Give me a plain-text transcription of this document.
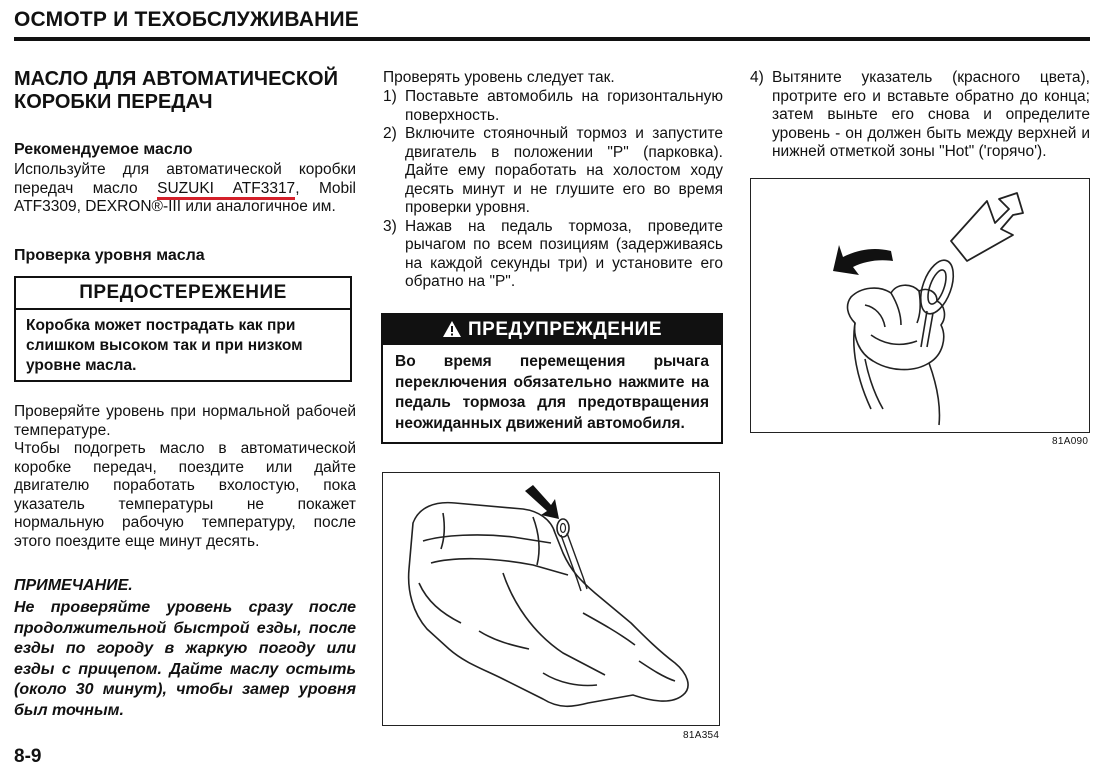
ОСМОТР И ТЕХОБСЛУЖИВАНИЕ
МАСЛО ДЛЯ АВТОМАТИЧЕСКОЙ
КОРОБКИ ПЕРЕДАЧ
Рекомендуемое масло
Используйте для автоматической коробки передач масло SUZUKI ATF3317, Mobil ATF3309, DEXRON®-III или аналогичное им.
Проверка уровня масла
ПРЕДОСТЕРЕЖЕНИЕ
Коробка может пострадать как при слишком высоком так и при низком уровне масла.

Проверяйте уровень при нормальной рабочей температуре.

Чтобы подогреть масло в автоматической коробке передач, поездите или дайте двигателю поработать вхолостую, пока указатель температуры не покажет нормальную рабочую температуру, после этого поездите еще минут десять.

ПРИМЕЧАНИЕ.
Не проверяйте уровень сразу после продолжительной быстрой езды, после езды по городу в жаркую погоду или езды с прицепом. Дайте маслу остыть (около 30 минут), чтобы замер уровня был точным.
8-9
Проверять уровень следует так.
1) Поставьте автомобиль на горизонтальную поверхность.
2) Включите стояночный тормоз и запустите двигатель в положении "P" (парковка). Дайте ему поработать на холостом ходу десять минут и не глушите его во время проверки уровня.
3) Нажав на педаль тормоза, проведите рычагом по всем позициям (задерживаясь на каждой секунды три) и установите его обратно на "P".
ПРЕДУПРЕЖДЕНИЕ
Во время перемещения рычага переключения обязательно нажмите на педаль тормоза для предотвращения неожиданных движений автомобиля.
81A354
4) Вытяните указатель (красного цвета), протрите его и вставьте обратно до конца; затем выньте его снова и определите уровень - он должен быть между верхней и нижней отметкой зоны "Hot" ('горячо').
81A090
